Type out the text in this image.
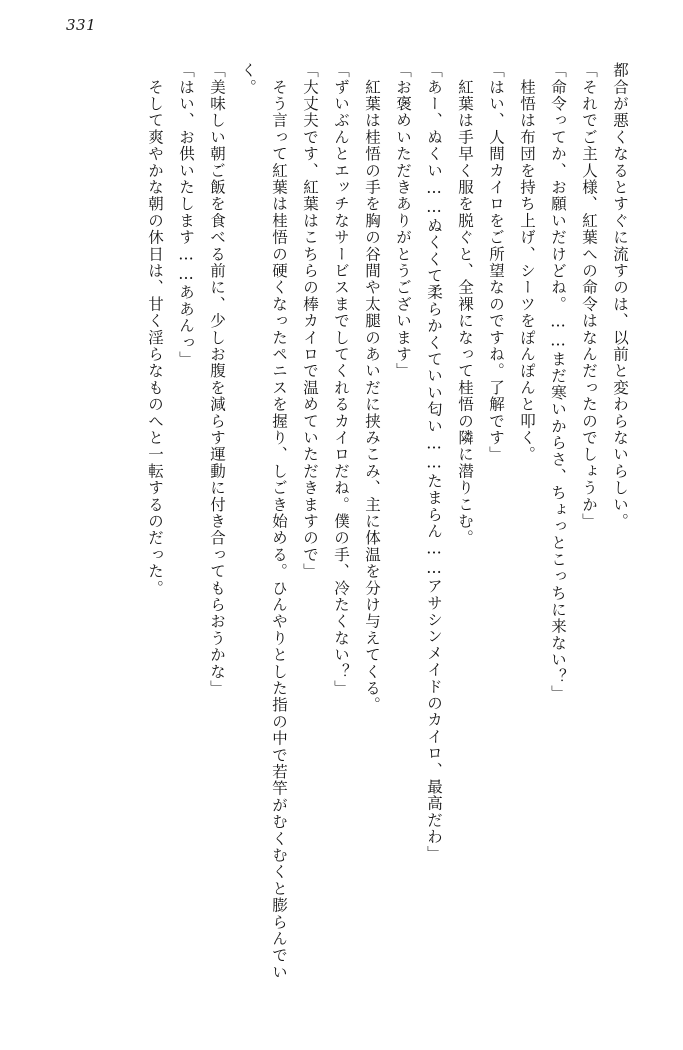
331

都合が悪くなるとすぐに流すのは、以前と変わらないらしい。

「それでご主人様、紅葉への命令はなんだったのでしょうか」

「命令ってか、お願いだけどね。……まだ寒いからさ、ちょっとこっちに来ない？」

　桂悟は布団を持ち上げ、シーツをぽんぽんと叩く。

「はい、人間カイロをご所望なのですね。了解です」

　紅葉は手早く服を脱ぐと、全裸になって桂悟の隣に潜りこむ。

「あー、ぬくい……ぬくくて柔らかくていい匂い……たまらん……アサシンメイドのカイロ、最高だわ」

「お褒めいただきありがとうございます」

　紅葉は桂悟の手を胸の谷間や太腿のあいだに挟みこみ、主に体温を分け与えてくる。

「ずいぶんとエッチなサービスまでしてくれるカイロだね。僕の手、冷たくない？」

「大丈夫です、紅葉はこちらの棒カイロで温めていただきますので」

　そう言って紅葉は桂悟の硬くなったペニスを握り、しごき始める。ひんやりとした指の中で若竿がむくむくと膨らんでいく。

「美味しい朝ご飯を食べる前に、少しお腹を減らす運動に付き合ってもらおうかな」

「はい、お供いたします……ああんっ」

　そして爽やかな朝の休日は、甘く淫らなものへと一転するのだった。
